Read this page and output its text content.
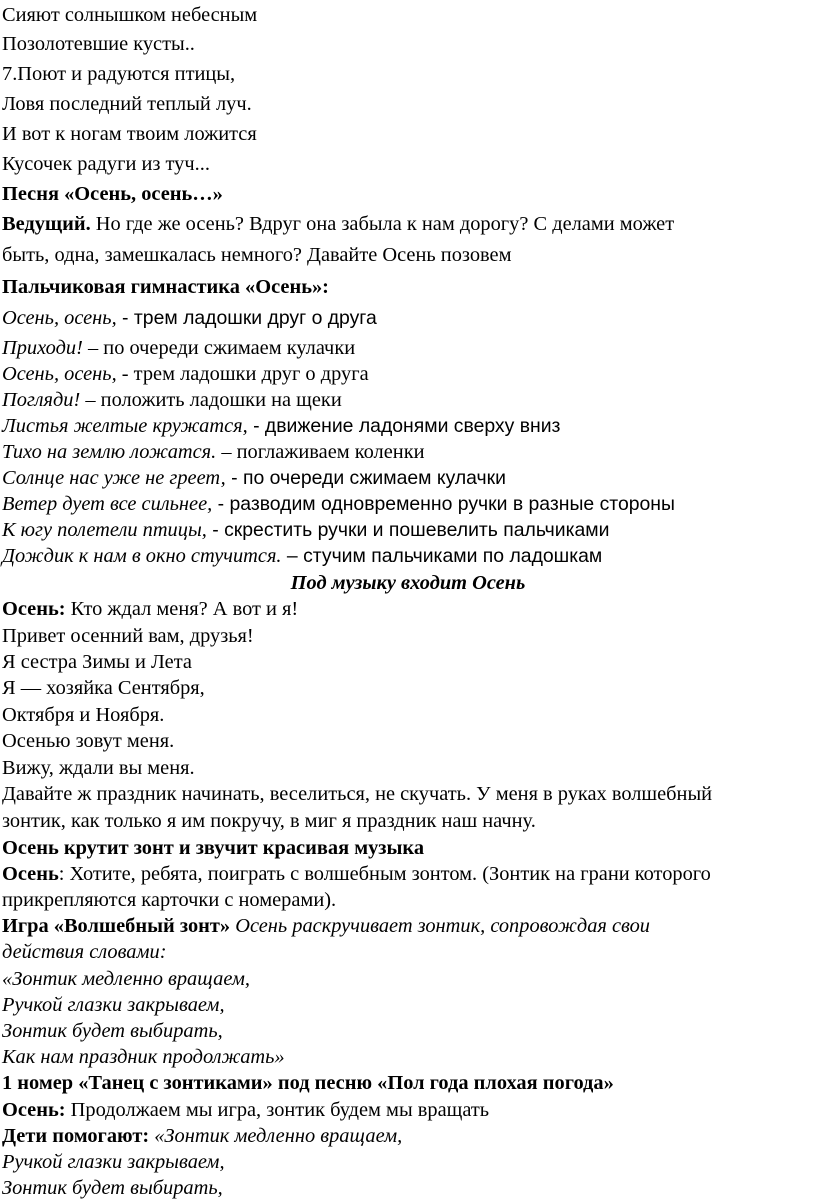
Сияют солнышком небесным
Позолотевшие кусты..
7.Поют и радуются птицы,
Ловя последний теплый луч.
И вот к ногам твоим ложится
Кусочек радуги из туч...
Песня «Осень, осень…»
Ведущий. Но где же осень? Вдруг она забыла к нам дорогу? С делами может
быть, одна, замешкалась немного? Давайте Осень позовем
Пальчиковая гимнастика «Осень»:
Осень, осень, - трем ладошки друг о друга
Приходи! – по очереди сжимаем кулачки
Осень, осень, - трем ладошки друг о друга
Погляди! – положить ладошки на щеки
Листья желтые кружатся, - движение ладонями сверху вниз
Тихо на землю ложатся. – поглаживаем коленки
Солнце нас уже не греет, - по очереди сжимаем кулачки
Ветер дует все сильнее, - разводим одновременно ручки в разные стороны
К югу полетели птицы, - скрестить ручки и пошевелить пальчиками
Дождик к нам в окно стучится. – стучим пальчиками по ладошкам
Под музыку входит Осень
Осень: Кто ждал меня? А вот и я!
Привет осенний вам, друзья!
Я сестра Зимы и Лета
Я — хозяйка Сентября,
Октября и Ноября.
Осенью зовут меня.
Вижу, ждали вы меня.
Давайте ж праздник начинать, веселиться, не скучать. У меня в руках волшебный
зонтик, как только я им покручу, в миг я праздник наш начну.
Осень крутит зонт и звучит красивая музыка
Осень: Хотите, ребята, поиграть с волшебным зонтом. (Зонтик на грани которого
прикрепляются карточки с номерами).
Игра «Волшебный зонт» Осень раскручивает зонтик, сопровождая свои
действия словами:
«Зонтик медленно вращаем,
Ручкой глазки закрываем,
Зонтик будет выбирать,
Как нам праздник продолжать»
1 номер «Танец с зонтиками» под песню «Пол года плохая погода»
Осень: Продолжаем мы игра, зонтик будем мы вращать
Дети помогают: «Зонтик медленно вращаем,
Ручкой глазки закрываем,
Зонтик будет выбирать,
